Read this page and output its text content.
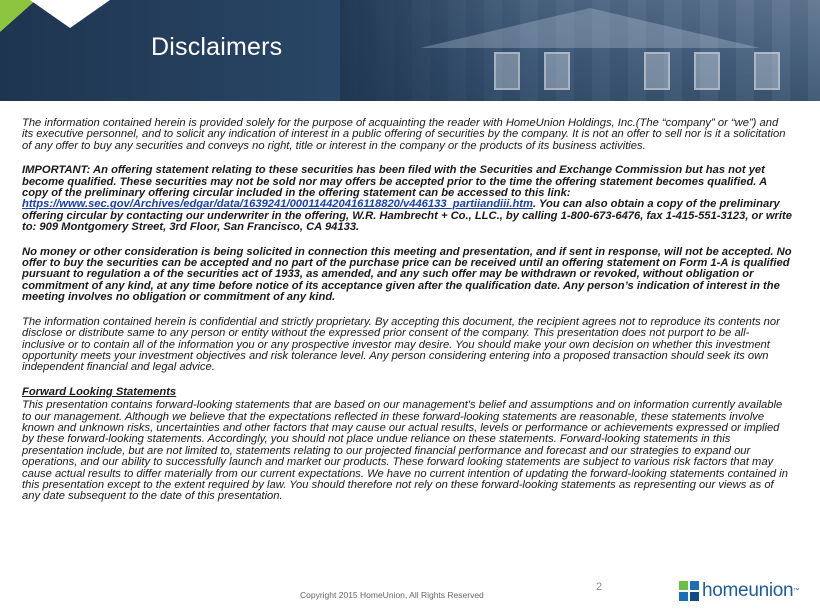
Disclaimers

The information contained herein is provided solely for the purpose of acquainting the reader with HomeUnion Holdings, Inc.(The “company” or “we”) and its executive personnel, and to solicit any indication of interest in a public offering of securities by the company. It is not an offer to sell nor is it a solicitation of any offer to buy any securities and conveys no right, title or interest in the company or the products of its business activities.

IMPORTANT: An offering statement relating to these securities has been filed with the Securities and Exchange Commission but has not yet become qualified. These securities may not be sold nor may offers be accepted prior to the time the offering statement becomes qualified. A copy of the preliminary offering circular included in the offering statement can be accessed to this link: https://www.sec.gov/Archives/edgar/data/1639241/000114420416118820/v446133_partiiandiii.htm. You can also obtain a copy of the preliminary offering circular by contacting our underwriter in the offering, W.R. Hambrecht + Co., LLC., by calling 1-800-673-6476, fax 1-415-551-3123, or write to: 909 Montgomery Street, 3rd Floor, San Francisco, CA 94133.

No money or other consideration is being solicited in connection this meeting and presentation, and if sent in response, will not be accepted. No offer to buy the securities can be accepted and no part of the purchase price can be received until an offering statement on Form 1-A is qualified pursuant to regulation a of the securities act of 1933, as amended, and any such offer may be withdrawn or revoked, without obligation or commitment of any kind, at any time before notice of its acceptance given after the qualification date. Any person’s indication of interest in the meeting involves no obligation or commitment of any kind.

The information contained herein is confidential and strictly proprietary. By accepting this document, the recipient agrees not to reproduce its contents nor disclose or distribute same to any person or entity without the expressed prior consent of the company. This presentation does not purport to be all-inclusive or to contain all of the information you or any prospective investor may desire. You should make your own decision on whether this investment opportunity meets your investment objectives and risk tolerance level. Any person considering entering into a proposed transaction should seek its own independent financial and legal advice.

Forward Looking Statements

This presentation contains forward-looking statements that are based on our management's belief and assumptions and on information currently available to our management. Although we believe that the expectations reflected in these forward-looking statements are reasonable, these statements involve known and unknown risks, uncertainties and other factors that may cause our actual results, levels or performance or achievements expressed or implied by these forward-looking statements. Accordingly, you should not place undue reliance on these statements. Forward-looking statements in this presentation include, but are not limited to, statements relating to our projected financial performance and forecast and our strategies to expand our operations, and our ability to successfully launch and market our products. These forward looking statements are subject to various risk factors that may cause actual results to differ materially from our current expectations. We have no current intention of updating the forward-looking statements contained in this presentation except to the extent required by law. You should therefore not rely on these forward-looking statements as representing our views as of any date subsequent to the date of this presentation.

2
Copyright 2015 HomeUnion, All Rights Reserved	homeunion ™
